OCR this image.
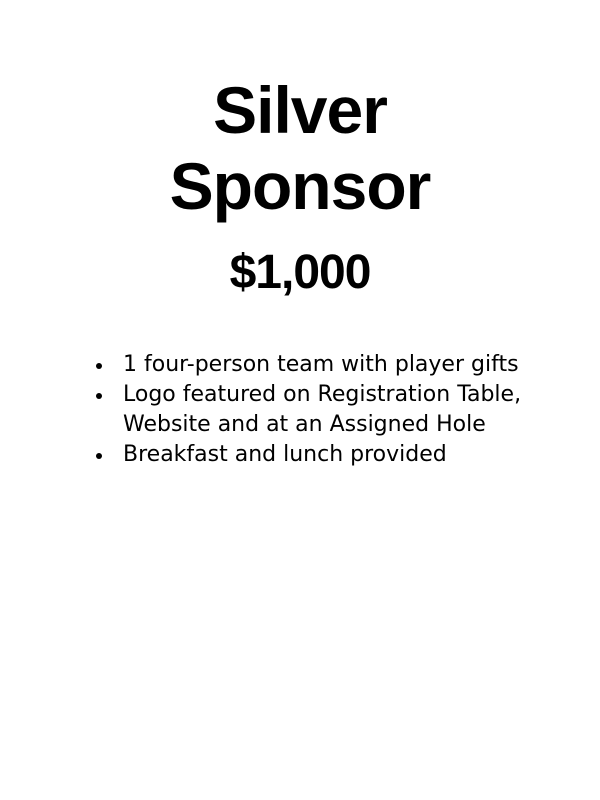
Silver
Sponsor
$1,000
1 four-person team with player gifts
Logo featured on Registration Table, Website and at an Assigned Hole
Breakfast and lunch provided
